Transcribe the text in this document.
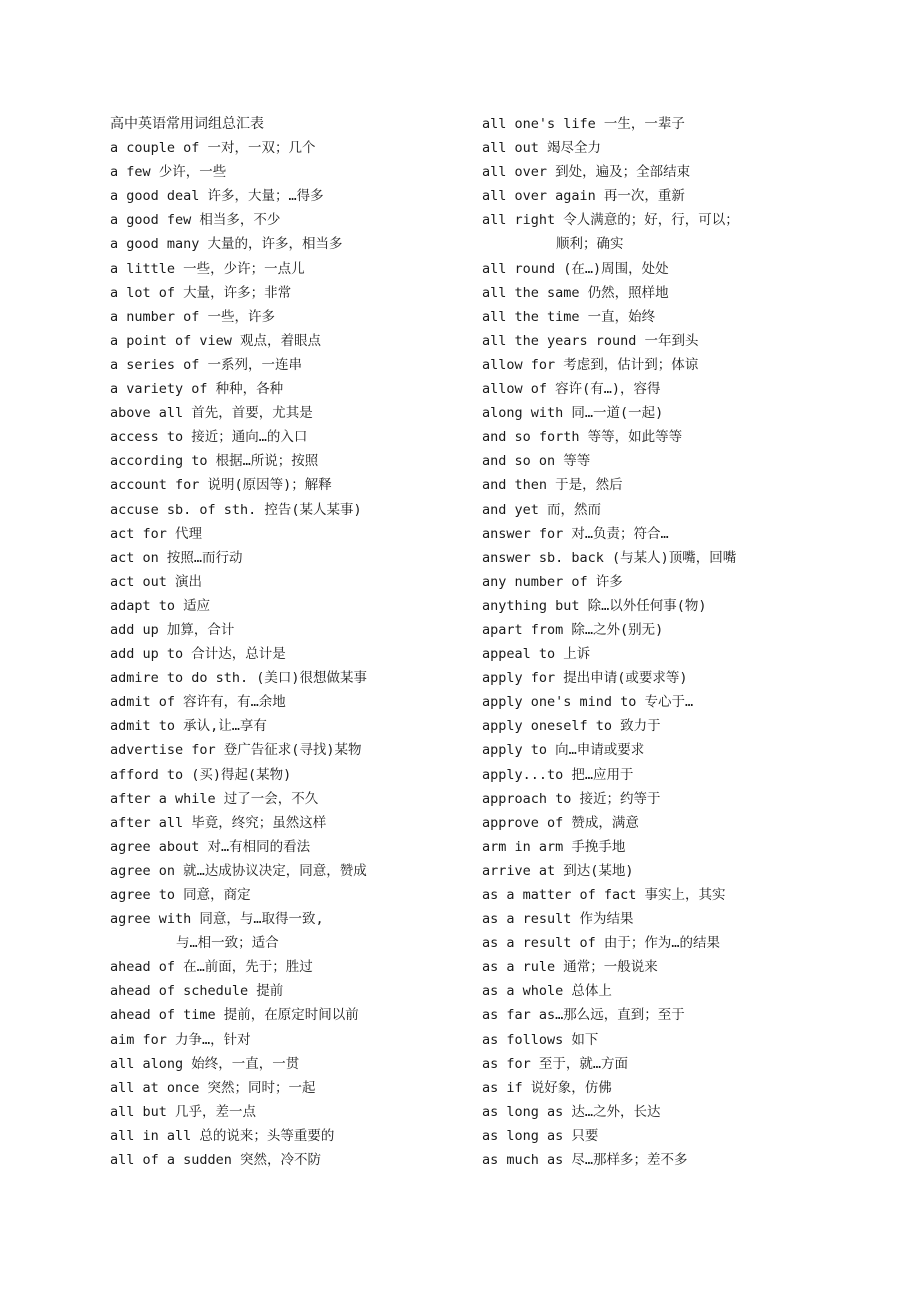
高中英语常用词组总汇表
a couple of 一对，一双；几个
a few 少许，一些
a good deal 许多，大量；…得多
a good few 相当多，不少
a good many 大量的，许多，相当多
a little 一些，少许；一点儿
a lot of 大量，许多；非常
a number of 一些，许多
a point of view 观点，着眼点
a series of 一系列，一连串
a variety of 种种，各种
above all 首先，首要，尤其是
access to 接近；通向…的入口
according to 根据…所说；按照
account for 说明(原因等)；解释
accuse sb. of sth. 控告(某人某事)
act for 代理
act on 按照…而行动
act out 演出
adapt to 适应
add up 加算，合计
add up to 合计达，总计是
admire to do sth. (美口)很想做某事
admit of 容许有，有…余地
admit to 承认,让…享有
advertise for 登广告征求(寻找)某物
afford to (买)得起(某物)
after a while 过了一会，不久
after all 毕竟，终究；虽然这样
agree about 对…有相同的看法
agree on 就…达成协议决定，同意，赞成
agree to 同意，商定
agree with 同意，与…取得一致,
与…相一致；适合
ahead of 在…前面，先于；胜过
ahead of schedule 提前
ahead of time 提前，在原定时间以前
aim for 力争…，针对
all along 始终，一直，一贯
all at once 突然；同时；一起
all but 几乎，差一点
all in all 总的说来；头等重要的
all of a sudden 突然，冷不防
all one's life 一生，一辈子
all out 竭尽全力
all over 到处，遍及；全部结束
all over again 再一次，重新
all right 令人满意的；好，行，可以；
顺利；确实
all round (在…)周围，处处
all the same 仍然，照样地
all the time 一直，始终
all the years round 一年到头
allow for 考虑到，估计到；体谅
allow of 容许(有…)，容得
along with 同…一道(一起)
and so forth 等等，如此等等
and so on 等等
and then 于是，然后
and yet 而，然而
answer for 对…负责；符合…
answer sb. back (与某人)顶嘴，回嘴
any number of 许多
anything but 除…以外任何事(物)
apart from 除…之外(别无)
appeal to 上诉
apply for 提出申请(或要求等)
apply one's mind to 专心于…
apply oneself to 致力于
apply to 向…申请或要求
apply...to 把…应用于
approach to 接近；约等于
approve of 赞成，满意
arm in arm 手挽手地
arrive at 到达(某地)
as a matter of fact 事实上，其实
as a result 作为结果
as a result of 由于；作为…的结果
as a rule 通常；一般说来
as a whole 总体上
as far as…那么远，直到；至于
as follows 如下
as for 至于，就…方面
as if 说好象，仿佛
as long as 达…之外，长达
as long as 只要
as much as 尽…那样多；差不多
